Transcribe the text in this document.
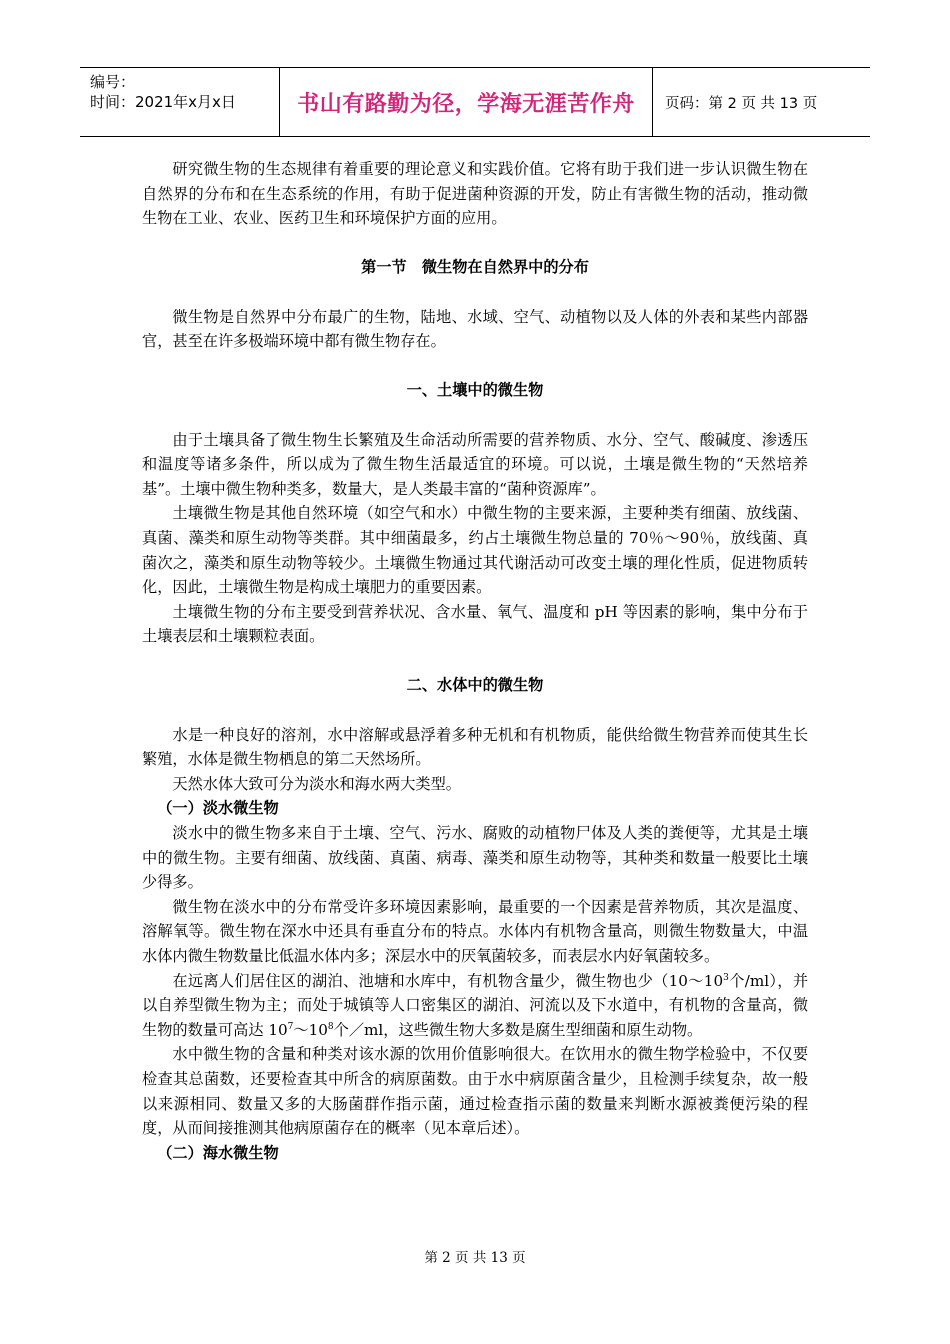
编号：
时间：2021年x月x日	书山有路勤为径，学海无涯苦作舟	页码：第 2 页 共 13 页

研究微生物的生态规律有着重要的理论意义和实践价值。它将有助于我们进一步认识微生物在自然界的分布和在生态系统的作用，有助于促进菌种资源的开发，防止有害微生物的活动，推动微生物在工业、农业、医药卫生和环境保护方面的应用。

第一节　微生物在自然界中的分布

微生物是自然界中分布最广的生物，陆地、水域、空气、动植物以及人体的外表和某些内部器官，甚至在许多极端环境中都有微生物存在。

一、土壤中的微生物

由于土壤具备了微生物生长繁殖及生命活动所需要的营养物质、水分、空气、酸碱度、渗透压和温度等诸多条件，所以成为了微生物生活最适宜的环境。可以说，土壤是微生物的“天然培养基”。土壤中微生物种类多，数量大，是人类最丰富的“菌种资源库”。

土壤微生物是其他自然环境（如空气和水）中微生物的主要来源，主要种类有细菌、放线菌、真菌、藻类和原生动物等类群。其中细菌最多，约占土壤微生物总量的 70％～90％，放线菌、真菌次之，藻类和原生动物等较少。土壤微生物通过其代谢活动可改变土壤的理化性质，促进物质转化，因此，土壤微生物是构成土壤肥力的重要因素。

土壤微生物的分布主要受到营养状况、含水量、氧气、温度和 pH 等因素的影响，集中分布于土壤表层和土壤颗粒表面。

二、水体中的微生物

水是一种良好的溶剂，水中溶解或悬浮着多种无机和有机物质，能供给微生物营养而使其生长繁殖，水体是微生物栖息的第二天然场所。

天然水体大致可分为淡水和海水两大类型。

（一）淡水微生物

淡水中的微生物多来自于土壤、空气、污水、腐败的动植物尸体及人类的粪便等，尤其是土壤中的微生物。主要有细菌、放线菌、真菌、病毒、藻类和原生动物等，其种类和数量一般要比土壤少得多。

微生物在淡水中的分布常受许多环境因素影响，最重要的一个因素是营养物质，其次是温度、溶解氧等。微生物在深水中还具有垂直分布的特点。水体内有机物含量高，则微生物数量大，中温水体内微生物数量比低温水体内多；深层水中的厌氧菌较多，而表层水内好氧菌较多。

在远离人们居住区的湖泊、池塘和水库中，有机物含量少，微生物也少（$10\sim 10^3$个/ml），并以自养型微生物为主；而处于城镇等人口密集区的湖泊、河流以及下水道中，有机物的含量高，微生物的数量可高达 $10^7\sim 10^8$个／ml，这些微生物大多数是腐生型细菌和原生动物。

水中微生物的含量和种类对该水源的饮用价值影响很大。在饮用水的微生物学检验中，不仅要检查其总菌数，还要检查其中所含的病原菌数。由于水中病原菌含量少，且检测手续复杂，故一般以来源相同、数量又多的大肠菌群作指示菌，通过检查指示菌的数量来判断水源被粪便污染的程度，从而间接推测其他病原菌存在的概率（见本章后述）。

（二）海水微生物
第 2 页 共 13 页
